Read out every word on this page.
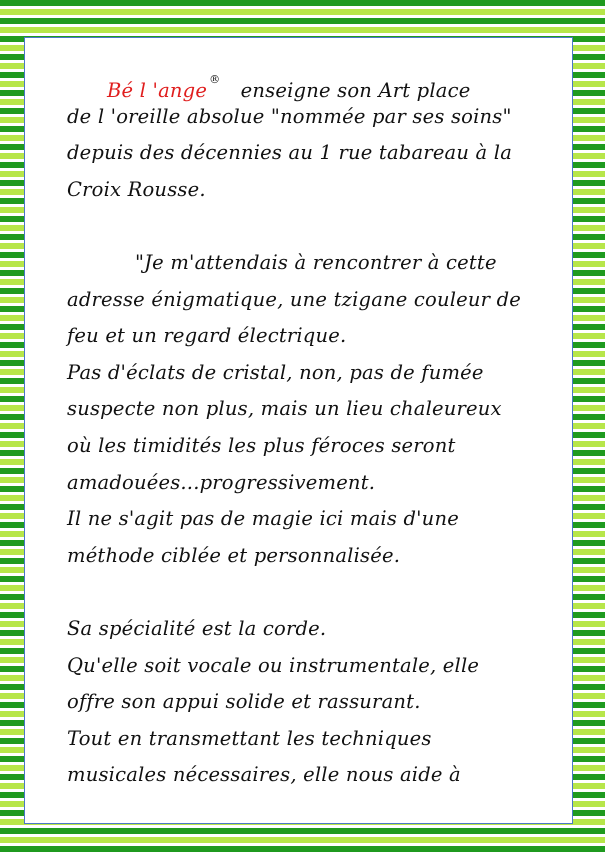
Bé l 'ange ® enseigne son Art place
de l 'oreille absolue "nommée par ses soins"
depuis des décennies au 1 rue tabareau à la
Croix Rousse.
"Je m'attendais à rencontrer à cette
adresse énigmatique, une tzigane couleur de
feu et un regard électrique.
Pas d'éclats de cristal, non, pas de fumée
suspecte non plus, mais un lieu chaleureux
où les timidités les plus féroces seront
amadouées...progressivement.
Il ne s'agit pas de magie ici mais d'une
méthode ciblée et personnalisée.
Sa spécialité est la corde.
Qu'elle soit vocale ou instrumentale, elle
offre son appui solide et rassurant.
Tout en transmettant les techniques
musicales nécessaires, elle nous aide à
